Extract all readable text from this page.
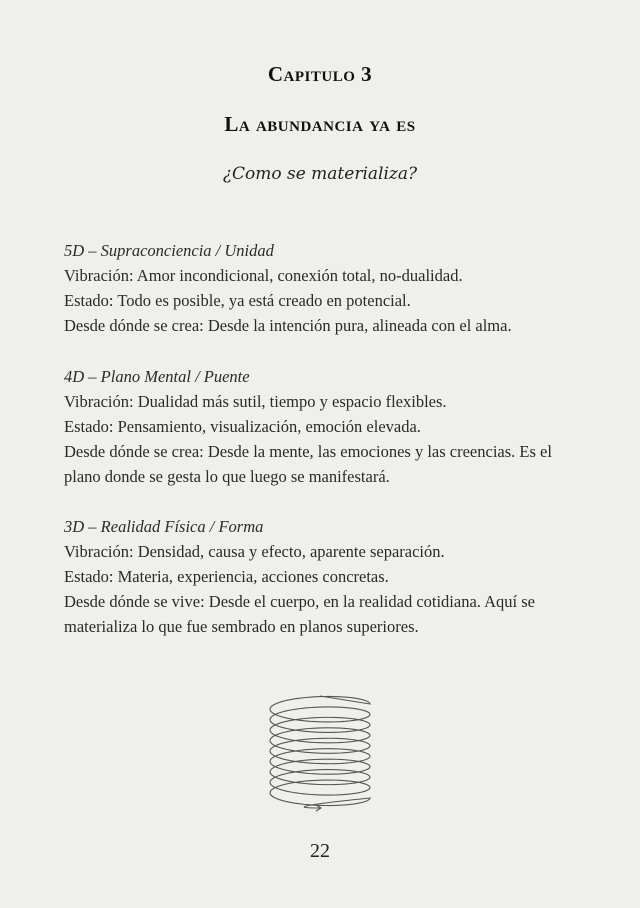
Capitulo 3
La abundancia ya es
¿Como se materializa?
5D – Supraconciencia / Unidad
Vibración: Amor incondicional, conexión total, no-dualidad.
Estado: Todo es posible, ya está creado en potencial.
Desde dónde se crea: Desde la intención pura, alineada con el alma.
4D – Plano Mental / Puente
Vibración: Dualidad más sutil, tiempo y espacio flexibles.
Estado: Pensamiento, visualización, emoción elevada.
Desde dónde se crea: Desde la mente, las emociones y las creencias. Es el plano donde se gesta lo que luego se manifestará.
3D – Realidad Física / Forma
Vibración: Densidad, causa y efecto, aparente separación.
Estado: Materia, experiencia, acciones concretas.
Desde dónde se vive: Desde el cuerpo, en la realidad cotidiana. Aquí se materializa lo que fue sembrado en planos superiores.
22
